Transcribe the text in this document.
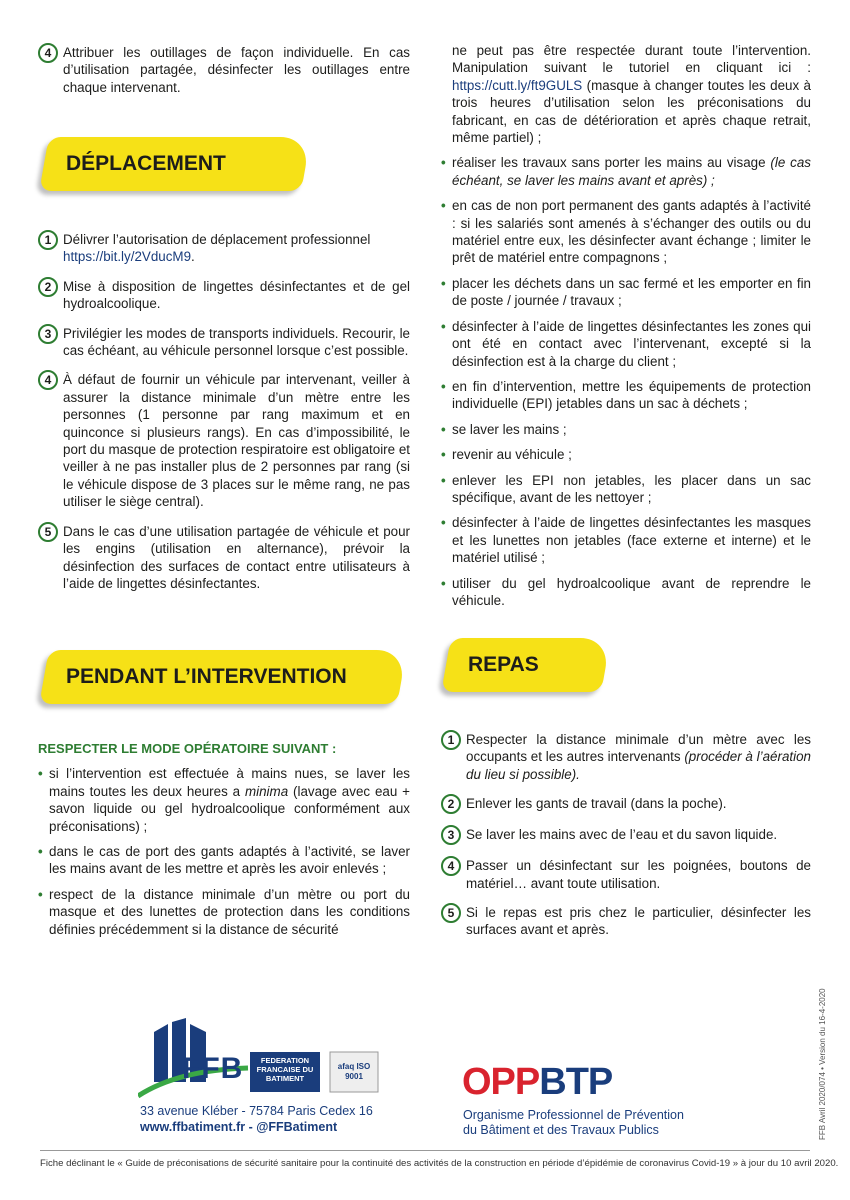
4 Attribuer les outillages de façon individuelle. En cas d’utilisation partagée, désinfecter les outillages entre chaque intervenant.
DÉPLACEMENT
1 Délivrer l’autorisation de déplacement professionnel
https://bit.ly/2VducM9.
2 Mise à disposition de lingettes désinfectantes et de gel hydroalcoolique.
3 Privilégier les modes de transports individuels. Recourir, le cas échéant, au véhicule personnel lorsque c’est possible.
4 À défaut de fournir un véhicule par intervenant, veiller à assurer la distance minimale d’un mètre entre les personnes (1 personne par rang maximum et en quinconce si plusieurs rangs). En cas d’impossibilité, le port du masque de protection respiratoire est obligatoire et veiller à ne pas installer plus de 2 personnes par rang (si le véhicule dispose de 3 places sur le même rang, ne pas utiliser le siège central).
5 Dans le cas d’une utilisation partagée de véhicule et pour les engins (utilisation en alternance), prévoir la désinfection des surfaces de contact entre utilisateurs à l’aide de lingettes désinfectantes.
PENDANT L’INTERVENTION
RESPECTER LE MODE OPÉRATOIRE SUIVANT :
• si l’intervention est effectuée à mains nues, se laver les mains toutes les deux heures a minima (lavage avec eau + savon liquide ou gel hydroalcoolique conformément aux préconisations) ;
• dans le cas de port des gants adaptés à l’activité, se laver les mains avant de les mettre et après les avoir enlevés ;
• respect de la distance minimale d’un mètre ou port du masque et des lunettes de protection dans les conditions définies précédemment si la distance de sécurité
ne peut pas être respectée durant toute l’intervention. Manipulation suivant le tutoriel en cliquant ici : https://cutt.ly/ft9GULS (masque à changer toutes les deux à trois heures d’utilisation selon les préconisations du fabricant, en cas de détérioration et après chaque retrait, même partiel) ;
• réaliser les travaux sans porter les mains au visage (le cas échéant, se laver les mains avant et après) ;
• en cas de non port permanent des gants adaptés à l’activité : si les salariés sont amenés à s’échanger des outils ou du matériel entre eux, les désinfecter avant échange ; limiter le prêt de matériel entre compagnons ;
• placer les déchets dans un sac fermé et les emporter en fin de poste / journée / travaux ;
• désinfecter à l’aide de lingettes désinfectantes les zones qui ont été en contact avec l’intervenant, excepté si la désinfection est à la charge du client ;
• en fin d’intervention, mettre les équipements de protection individuelle (EPI) jetables dans un sac à déchets ;
• se laver les mains ;
• revenir au véhicule ;
• enlever les EPI non jetables, les placer dans un sac spécifique, avant de les nettoyer ;
• désinfecter à l’aide de lingettes désinfectantes les masques et les lunettes non jetables (face externe et interne) et le matériel utilisé ;
• utiliser du gel hydroalcoolique avant de reprendre le véhicule.
REPAS
1 Respecter la distance minimale d’un mètre avec les occupants et les autres intervenants (procéder à l’aération du lieu si possible).
2 Enlever les gants de travail (dans la poche).
3 Se laver les mains avec de l’eau et du savon liquide.
4 Passer un désinfectant sur les poignées, boutons de matériel… avant toute utilisation.
5 Si le repas est pris chez le particulier, désinfecter les surfaces avant et après.
FFB	FEDERATION FRANCAISE DU BATIMENT
afaq ISO 9001
33 avenue Kléber - 75784 Paris Cedex 16
www.ffbatiment.fr - @FFBatiment
OPPBTP
Organisme Professionnel de Prévention
du Bâtiment et des Travaux Publics	FFB Avril 2020/074 • Version du 16-4-2020
Fiche déclinant le « Guide de préconisations de sécurité sanitaire pour la continuité des activités de la construction en période d’épidémie de coronavirus Covid-19 » à jour du 10 avril 2020.
